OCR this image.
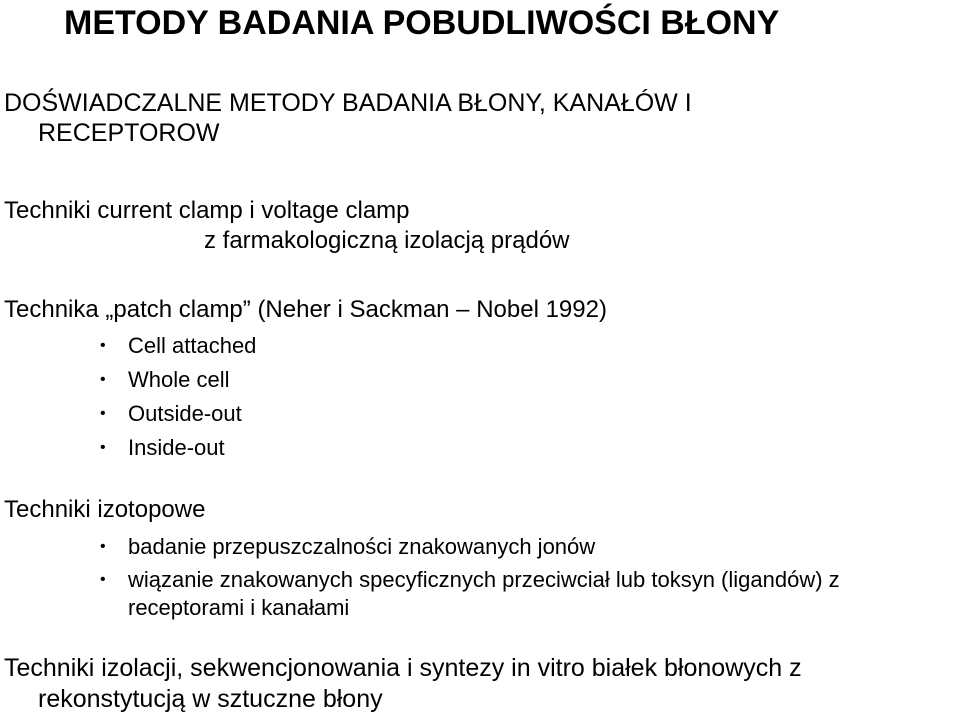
METODY BADANIA POBUDLIWOŚCI BŁONY
DOŚWIADCZALNE METODY BADANIA BŁONY, KANAŁÓW I
RECEPTOROW
Techniki current clamp i voltage clamp
z farmakologiczną izolacją prądów
Technika „patch clamp” (Neher i Sackman – Nobel 1992)
• Cell attached
• Whole cell
• Outside-out
• Inside-out
Techniki izotopowe
• badanie przepuszczalności znakowanych jonów
• wiązanie znakowanych specyficznych przeciwciał lub toksyn (ligandów) z
receptorami i kanałami
Techniki izolacji, sekwencjonowania i syntezy in vitro białek błonowych z
rekonstytucją w sztuczne błony
